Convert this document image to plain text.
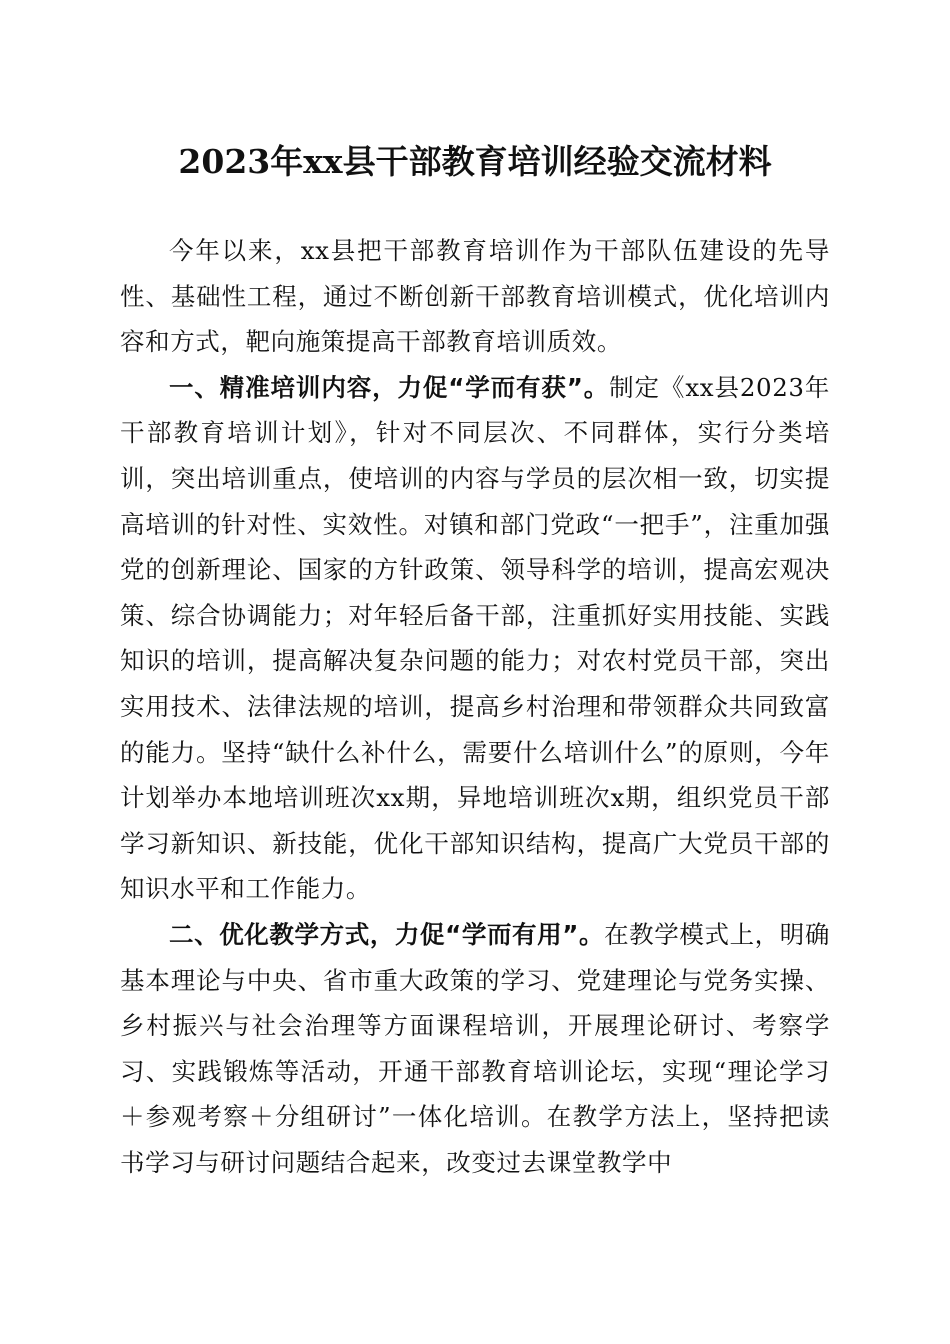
2023年xx县干部教育培训经验交流材料

今年以来，xx县把干部教育培训作为干部队伍建设的先导性、基础性工程，通过不断创新干部教育培训模式，优化培训内容和方式，靶向施策提高干部教育培训质效。

一、精准培训内容，力促“学而有获”。制定《xx县2023年干部教育培训计划》，针对不同层次、不同群体，实行分类培训，突出培训重点，使培训的内容与学员的层次相一致，切实提高培训的针对性、实效性。对镇和部门党政“一把手”，注重加强党的创新理论、国家的方针政策、领导科学的培训，提高宏观决策、综合协调能力；对年轻后备干部，注重抓好实用技能、实践知识的培训，提高解决复杂问题的能力；对农村党员干部，突出实用技术、法律法规的培训，提高乡村治理和带领群众共同致富的能力。坚持“缺什么补什么，需要什么培训什么”的原则，今年计划举办本地培训班次xx期，异地培训班次x期，组织党员干部学习新知识、新技能，优化干部知识结构，提高广大党员干部的知识水平和工作能力。

二、优化教学方式，力促“学而有用”。在教学模式上，明确基本理论与中央、省市重大政策的学习、党建理论与党务实操、乡村振兴与社会治理等方面课程培训，开展理论研讨、考察学习、实践锻炼等活动，开通干部教育培训论坛，实现“理论学习＋参观考察＋分组研讨”一体化培训。在教学方法上，坚持把读书学习与研讨问题结合起来，改变过去课堂教学中
